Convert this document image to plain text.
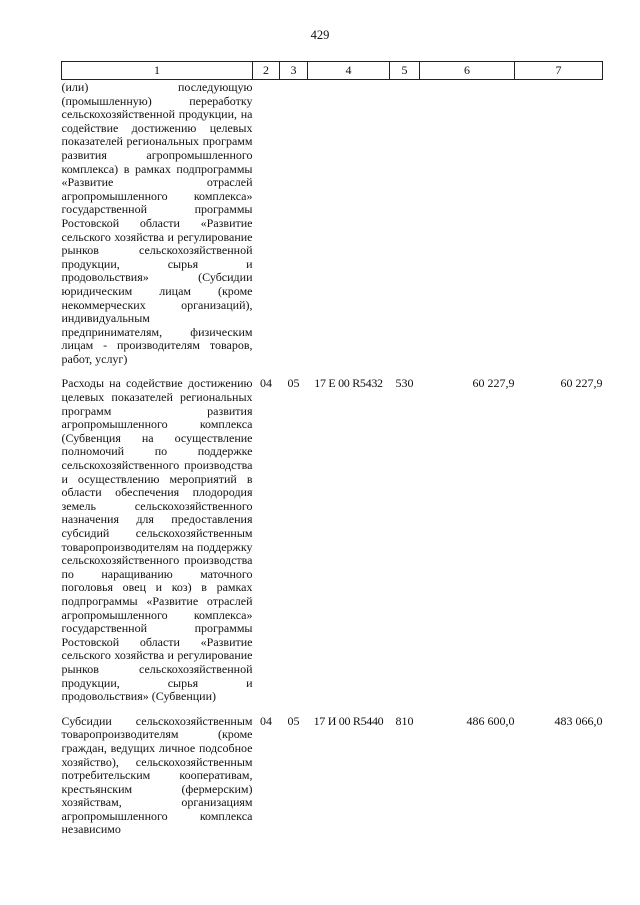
429
1	2	3	4	5	6	7
(или) последующую (промышленную) переработку сельскохозяйственной продукции, на содействие достижению целевых показателей региональных программ развития агропромышленного комплекса) в рамках подпрограммы «Развитие отраслей агропромышленного комплекса» государственной программы Ростовской области «Развитие сельского хозяйства и регулирование рынков сельскохозяйственной продукции, сырья и продовольствия» (Субсидии юридическим лицам (кроме некоммерческих организаций), индивидуальным предпринимателям, физическим лицам - производителям товаров, работ, услуг)						
Расходы на содействие достижению целевых показателей региональных программ развития агропромышленного комплекса (Субвенция на осуществление полномочий по поддержке сельскохозяйственного производства и осуществлению мероприятий в области обеспечения плодородия земель сельскохозяйственного назначения для предоставления субсидий сельскохозяйственным товаропроизводителям на поддержку сельскохозяйственного производства по наращиванию маточного поголовья овец и коз) в рамках подпрограммы «Развитие отраслей агропромышленного комплекса» государственной программы Ростовской области «Развитие сельского хозяйства и регулирование рынков сельскохозяйственной продукции, сырья и продовольствия» (Субвенции)	04	05	17 Е 00 R5432	530	60 227,9	60 227,9
Субсидии сельскохозяйственным товаропроизводителям (кроме граждан, ведущих личное подсобное хозяйство), сельскохозяйственным потребительским кооперативам, крестьянским (фермерским) хозяйствам, организациям агропромышленного комплекса независимо	04	05	17 И 00 R5440	810	486 600,0	483 066,0
